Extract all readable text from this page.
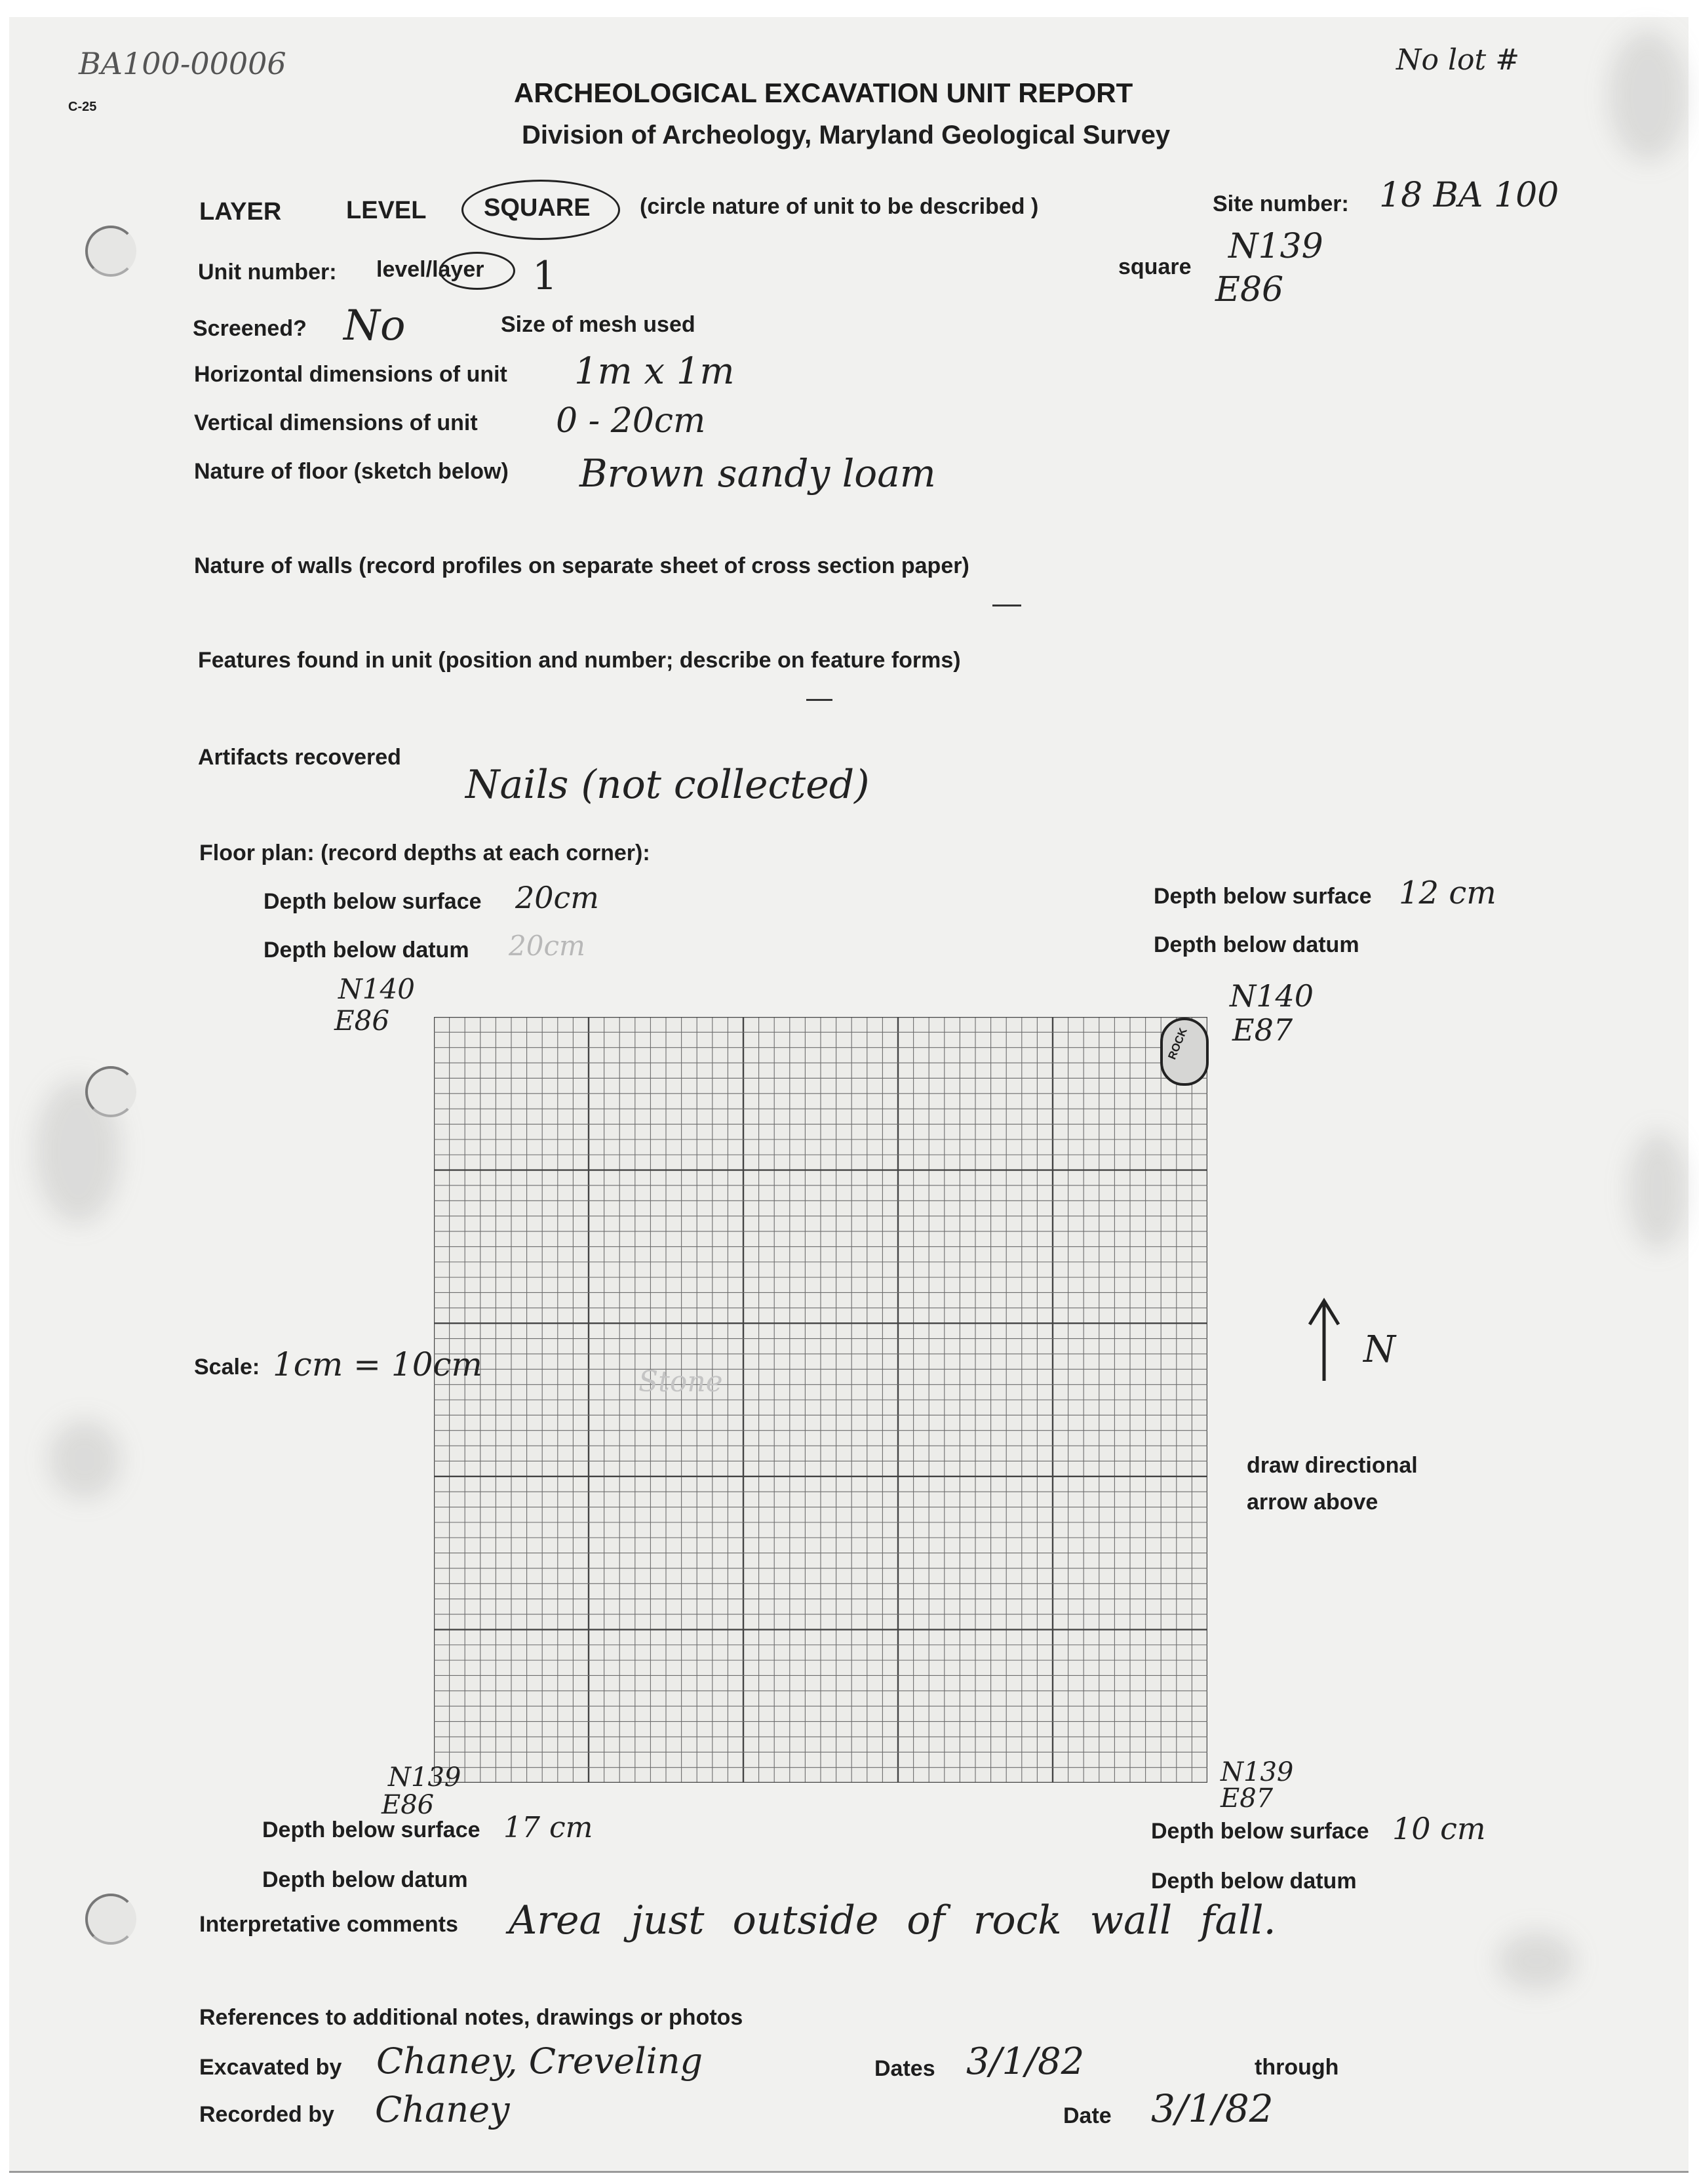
BA100-00006
C-25
No lot #
ARCHEOLOGICAL EXCAVATION UNIT REPORT
Division of Archeology, Maryland Geological Survey
LAYER	LEVEL SQUARE (circle nature of unit to be described )	Site number: 18 BA 100
Unit number: level/layer 1	square
N139
E86
Screened? No	Size of mesh used
Horizontal dimensions of unit 1m x 1m
Vertical dimensions of unit 0 - 20cm
Nature of floor (sketch below) Brown sandy loam
Nature of walls (record profiles on separate sheet of cross section paper)
Features found in unit (position and number; describe on feature forms)
Artifacts recovered
Nails (not collected)
Floor plan: (record depths at each corner):
Depth below surface 20cm
Depth below datum 20cm
N140
E86
Depth below surface 12 cm
Depth below datum
N140
E87
ROCK
Stone
Scale: 1cm = 10cm	N
draw directional
arrow above
N139
E86
Depth below surface 17 cm
Depth below datum
N139
E87
Depth below surface 10 cm
Depth below datum
Interpretative comments Area just outside of rock wall fall.
References to additional notes, drawings or photos
Excavated by Chaney, Creveling	Dates 3/1/82	through
Recorded by Chaney	Date 3/1/82
